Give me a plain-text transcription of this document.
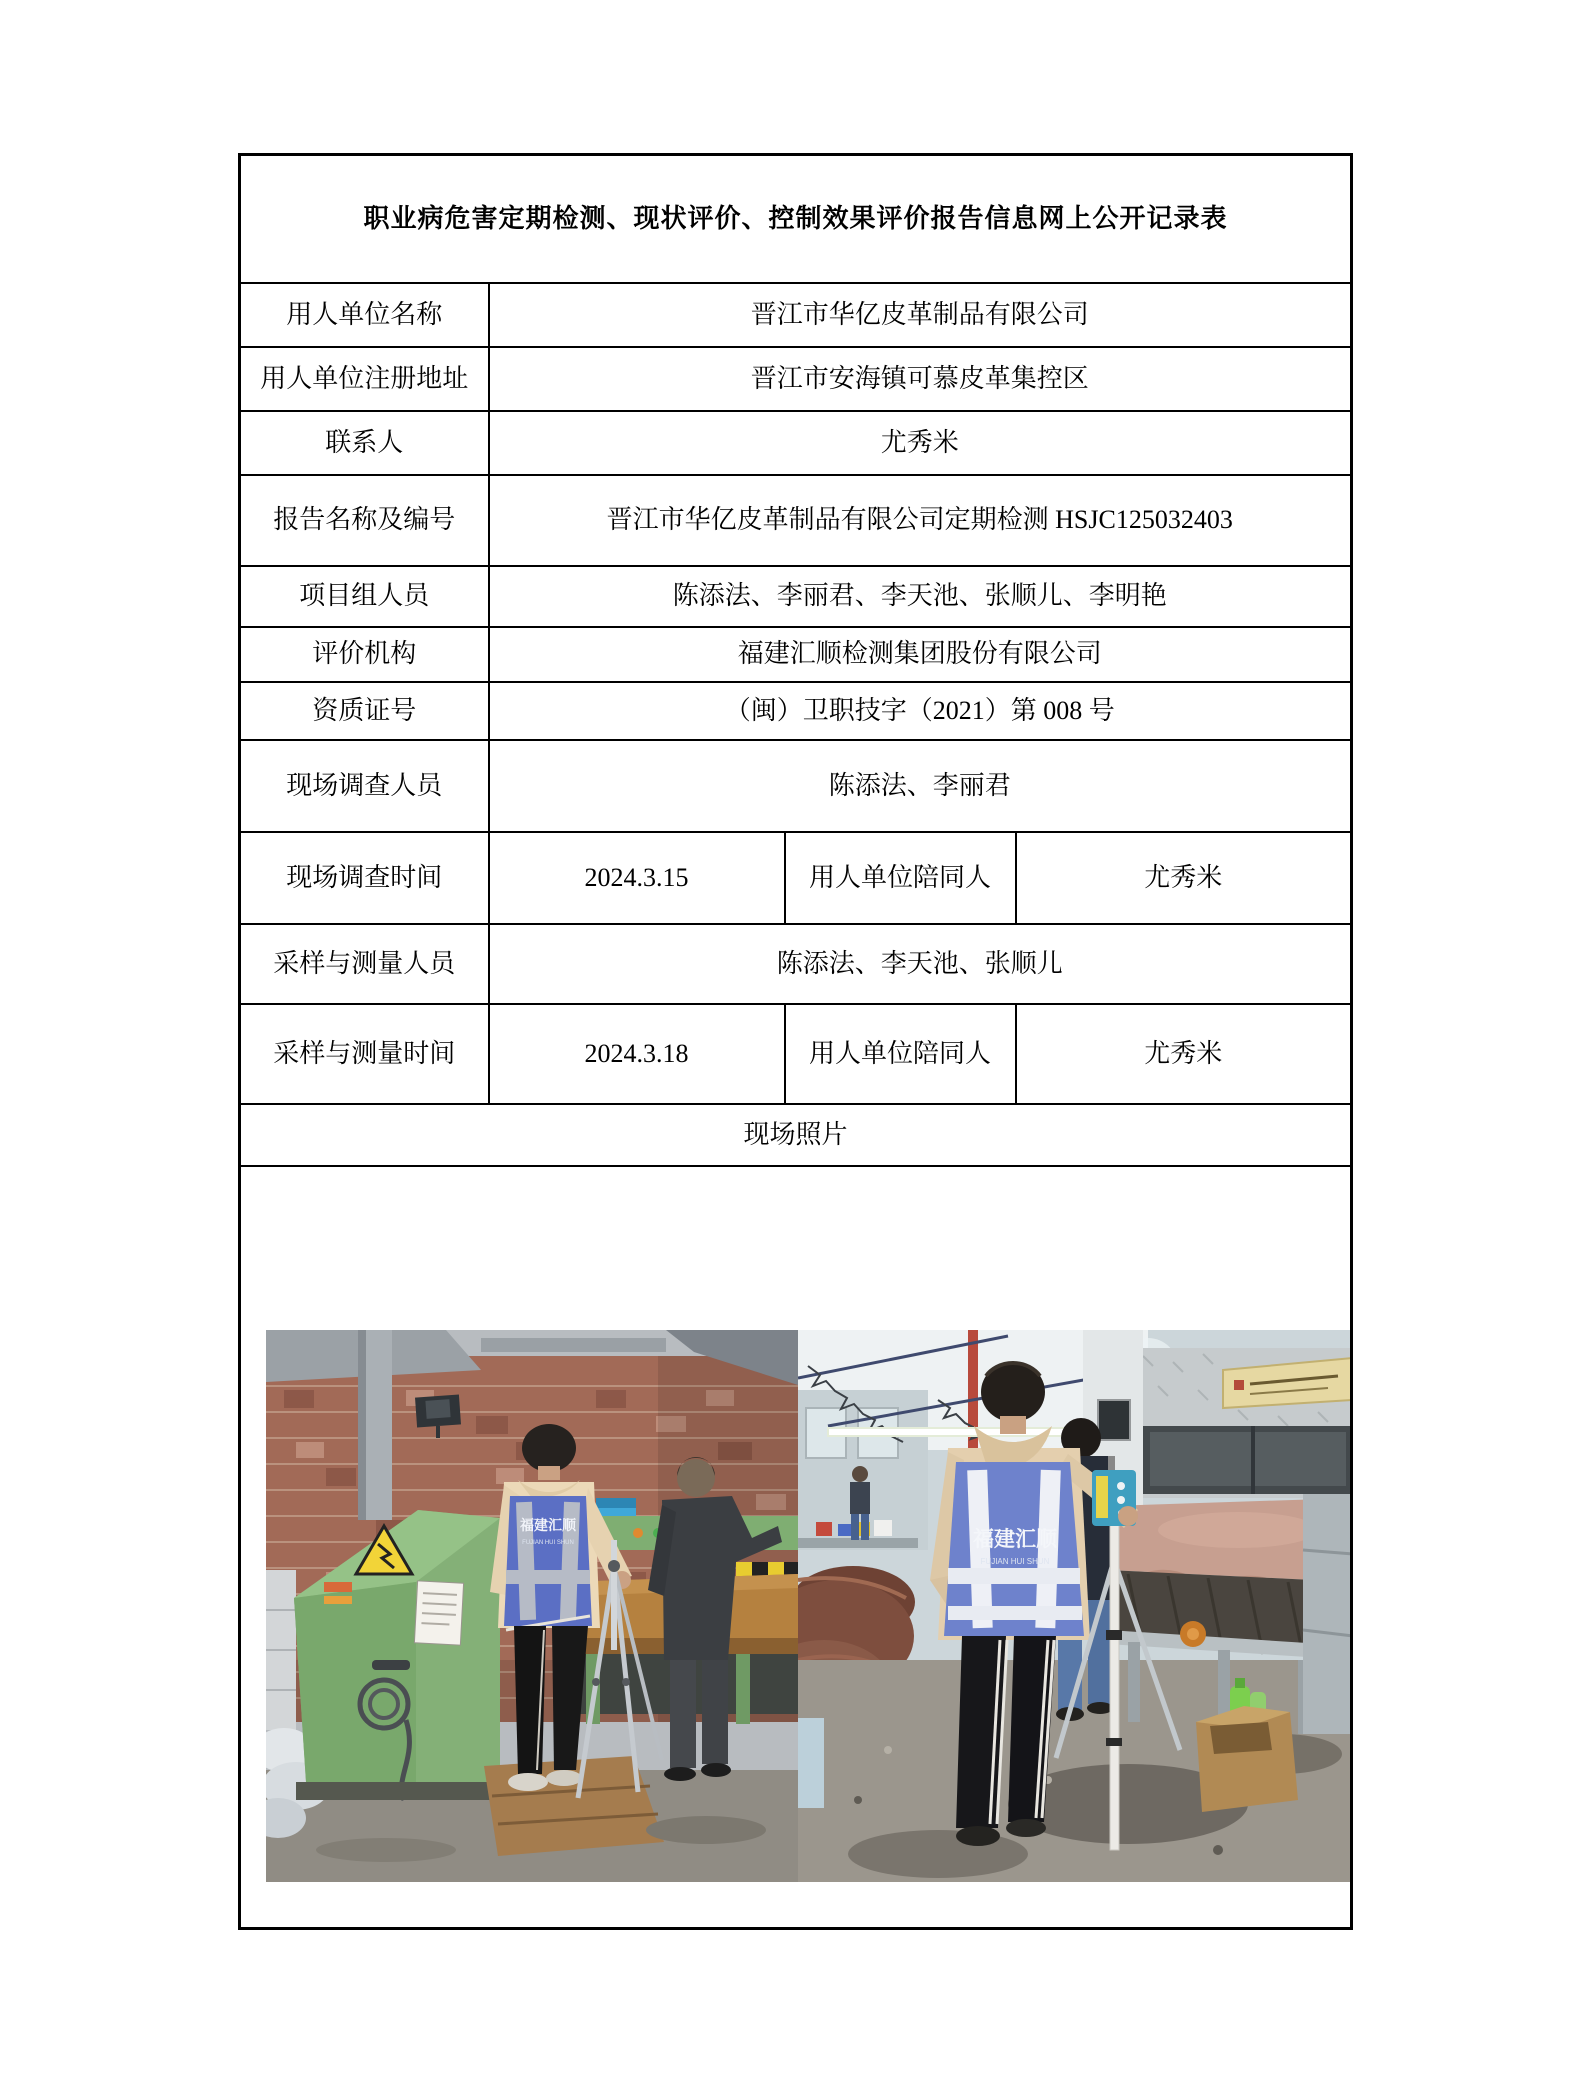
职业病危害定期检测、现状评价、控制效果评价报告信息网上公开记录表			
用人单位名称	晋江市华亿皮革制品有限公司		
用人单位注册地址	晋江市安海镇可慕皮革集控区		
联系人	尤秀米		
报告名称及编号	晋江市华亿皮革制品有限公司定期检测 HSJC125032403		
项目组人员	陈添法、李丽君、李天池、张顺儿、李明艳		
评价机构	福建汇顺检测集团股份有限公司		
资质证号	（闽）卫职技字（2021）第 008 号		
现场调查人员	陈添法、李丽君		
现场调查时间	2024.3.15	用人单位陪同人	尤秀米
采样与测量人员	陈添法、李天池、张顺儿		
采样与测量时间	2024.3.18	用人单位陪同人	尤秀米
现场照片			

福建汇顺
FUJIAN HUI SHUN 福建汇顺
FUJIAN HUI SHUN			
